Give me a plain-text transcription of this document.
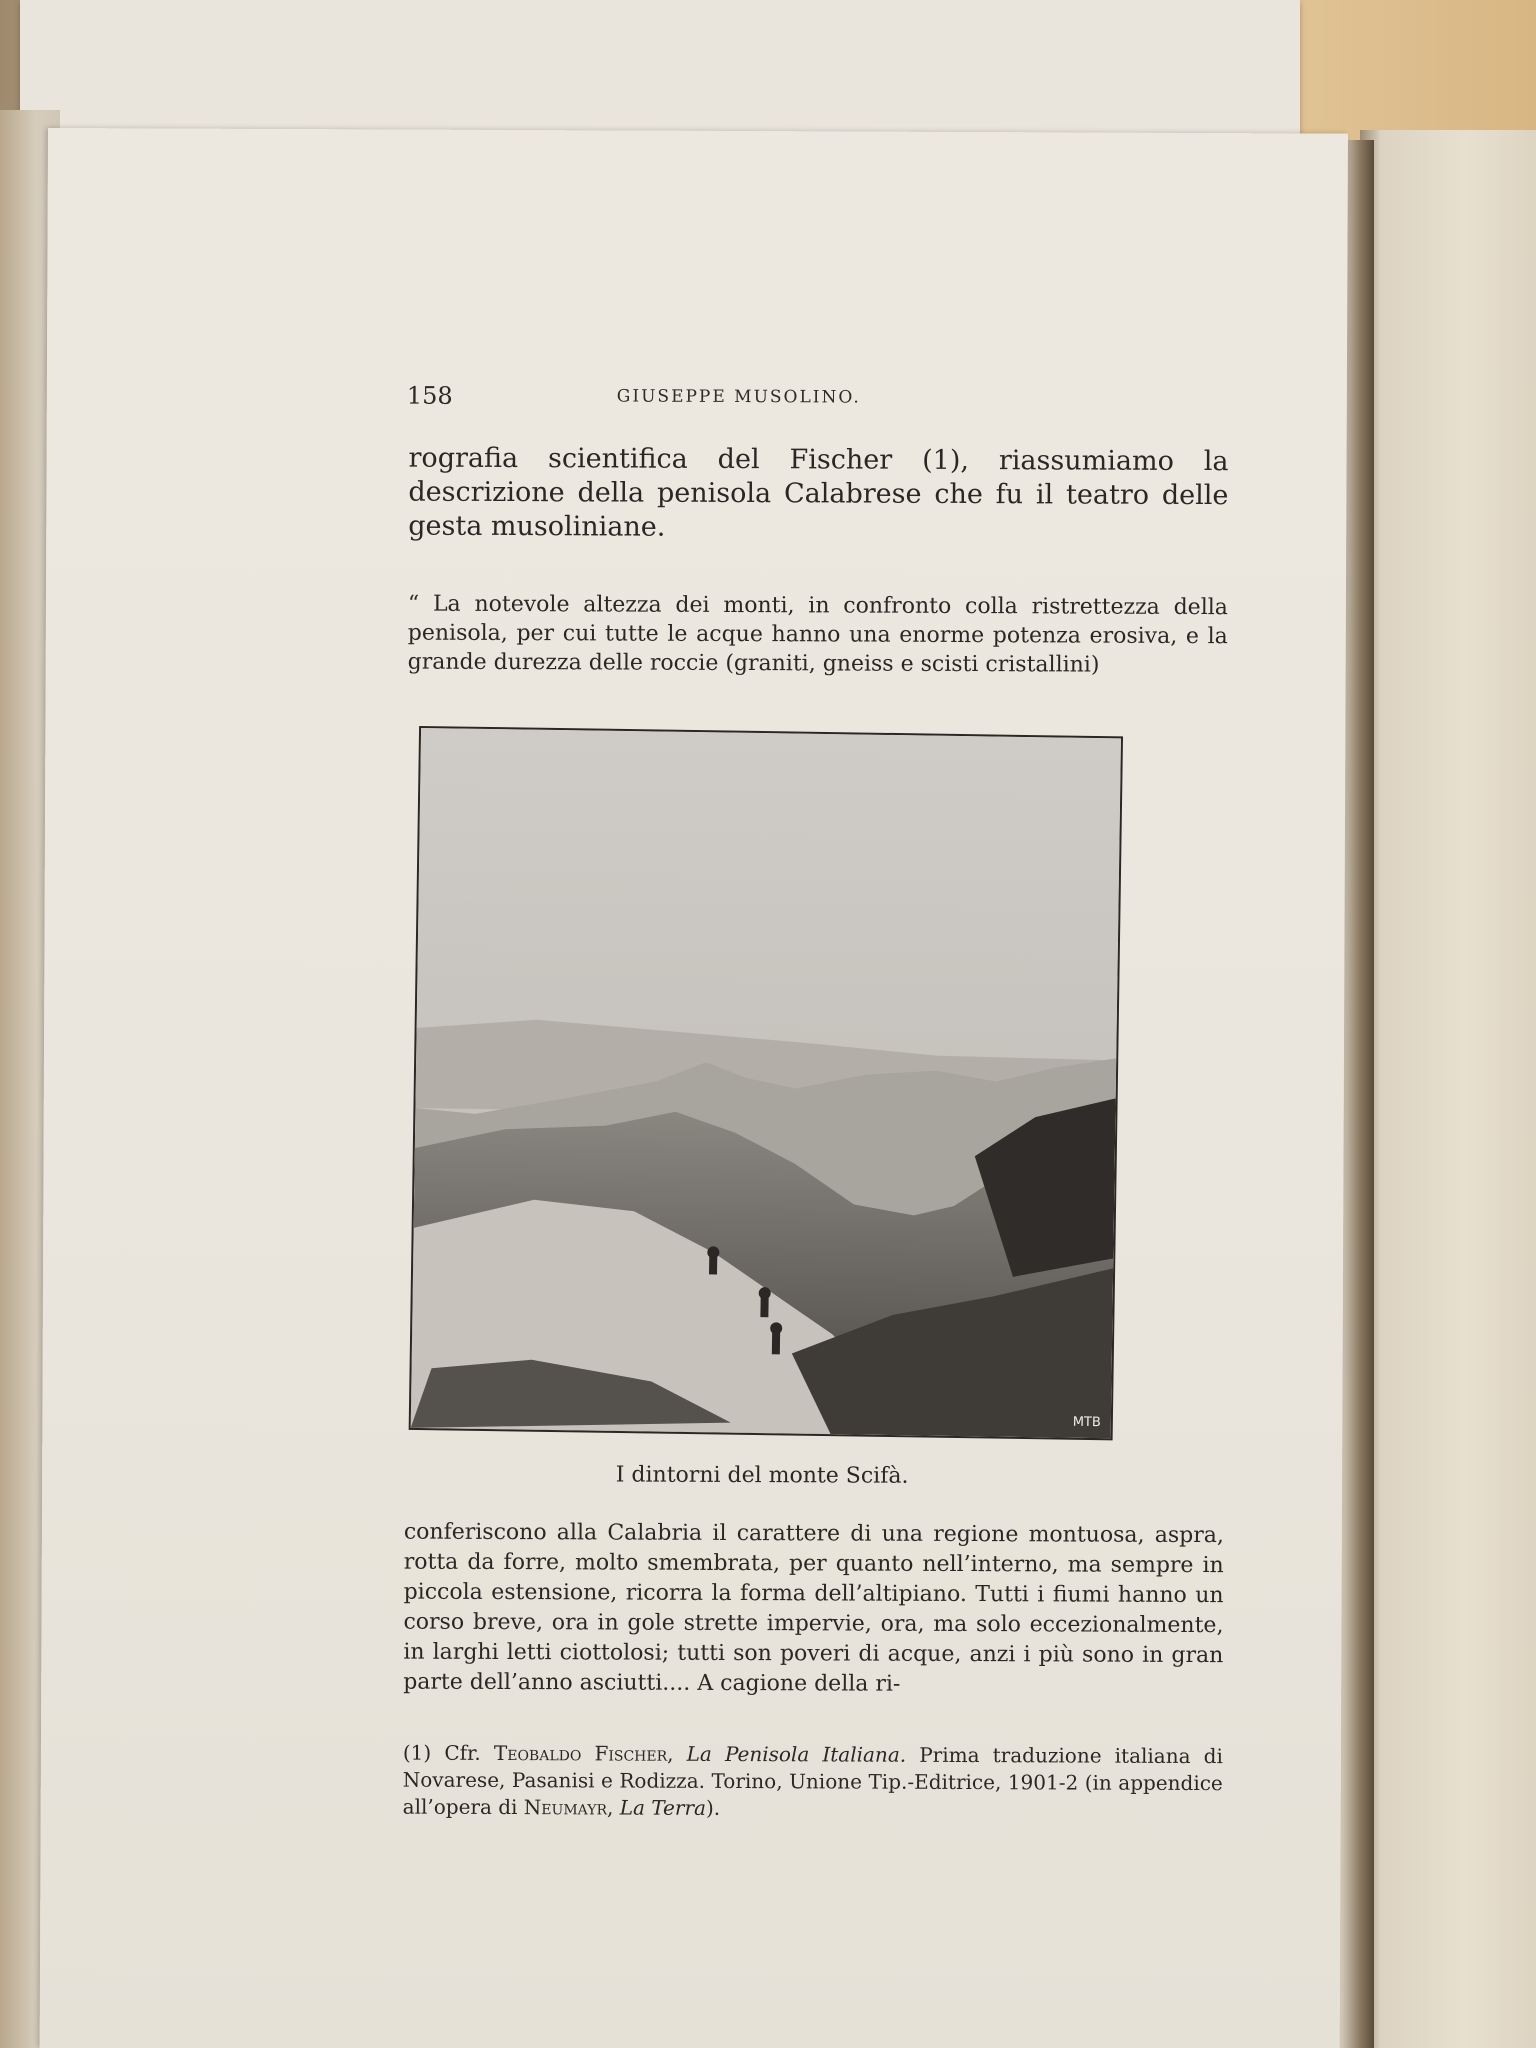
158	GIUSEPPE MUSOLINO.
rografia scientifica del Fischer (1), riassumiamo la descrizione della penisola Calabrese che fu il teatro delle gesta musoliniane.
“ La notevole altezza dei monti, in confronto colla ristrettezza della penisola, per cui tutte le acque hanno una enorme potenza erosiva, e la grande durezza delle roccie (graniti, gneiss e scisti cristallini)
MTB
I dintorni del monte Scifà.
conferiscono alla Calabria il carattere di una regione montuosa, aspra, rotta da forre, molto smembrata, per quanto nell’interno, ma sempre in piccola estensione, ricorra la forma dell’altipiano. Tutti i fiumi hanno un corso breve, ora in gole strette impervie, ora, ma solo eccezionalmente, in larghi letti ciottolosi; tutti son poveri di acque, anzi i più sono in gran parte dell’anno asciutti.... A cagione della ri-
(1) Cfr. Teobaldo Fischer, La Penisola Italiana. Prima traduzione italiana di Novarese, Pasanisi e Rodizza. Torino, Unione Tip.-Editrice, 1901-2 (in appendice all’opera di Neumayr, La Terra).
